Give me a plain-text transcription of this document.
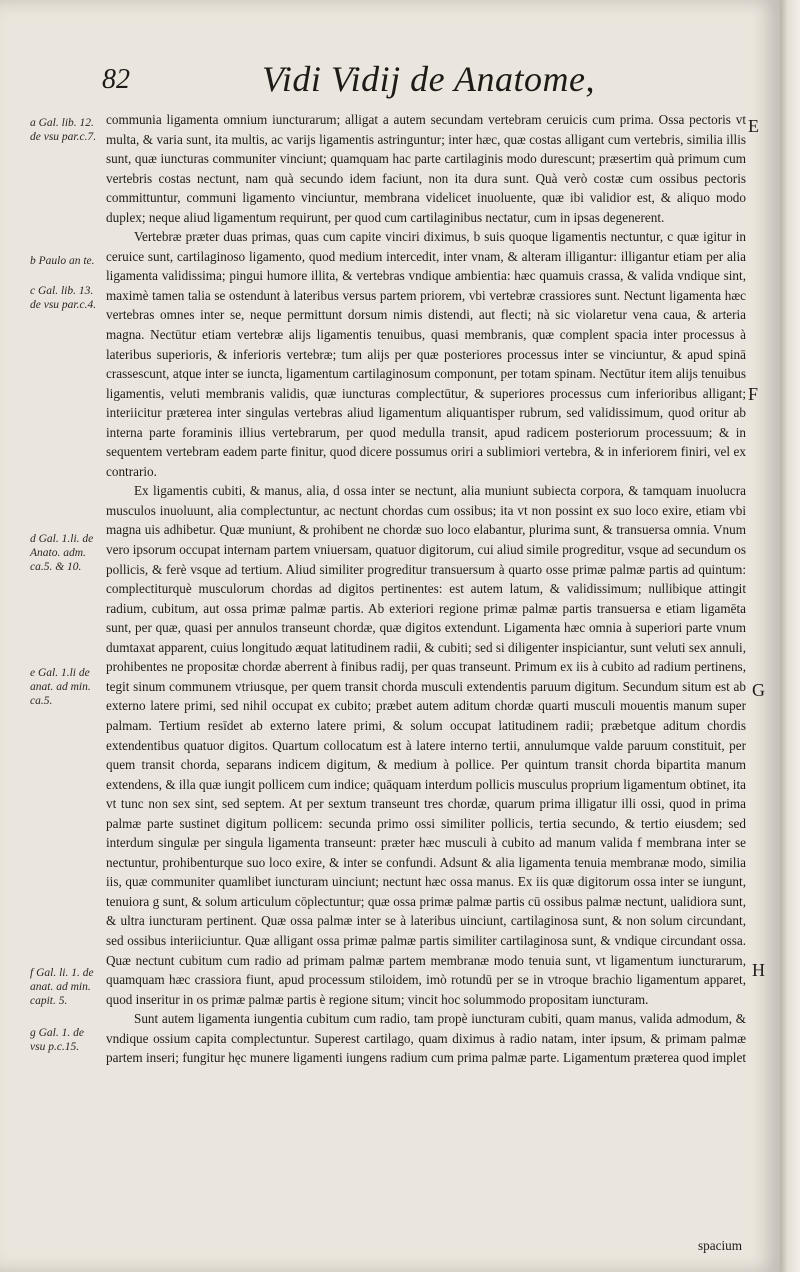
82	Vidi Vidij de Anatome,
a Gal. lib. 12. de vsu par.c.7.
b Paulo an te.
c Gal. lib. 13. de vsu par.c.4.
d Gal. 1.li. de Anato. adm. ca.5. & 10.
e Gal. 1.li de anat. ad min. ca.5.
f Gal. li. 1. de anat. ad min. capit. 5.
g Gal. 1. de vsu p.c.15.
E
F
G
H

communia ligamenta omnium iuncturarum; alligat a autem secundam vertebram ceruicis cum prima. Ossa pectoris vt multa, & varia sunt, ita multis, ac varijs ligamentis astringuntur; inter hæc, quæ costas alligant cum vertebris, similia illis sunt, quæ iuncturas communiter vinciunt; quamquam hac parte cartilaginis modo durescunt; præsertim quà primum cum vertebris costas nectunt, nam quà secundo idem faciunt, non ita dura sunt. Quà verò costæ cum ossibus pectoris committuntur, communi ligamento vinciuntur, membrana videlicet inuoluente, quæ ibi validior est, & aliquo modo duplex; neque aliud ligamentum requirunt, per quod cum cartilaginibus nectatur, cum in ipsas degenerent.

Vertebræ præter duas primas, quas cum capite vinciri diximus, b suis quoque ligamentis nectuntur, c quæ igitur in ceruice sunt, cartilaginoso ligamento, quod medium intercedit, inter vnam, & alteram illigantur: illigantur etiam per alia ligamenta validissima; pingui humore illita, & vertebras vndique ambientia: hæc quamuis crassa, & valida vndique sint, maximè tamen talia se ostendunt à lateribus versus partem priorem, vbi vertebræ crassiores sunt. Nectunt ligamenta hæc vertebras omnes inter se, neque permittunt dorsum nimis distendi, aut flecti; nà sic violaretur vena caua, & arteria magna. Nectūtur etiam vertebræ alijs ligamentis tenuibus, quasi membranis, quæ complent spacia inter processus à lateribus superioris, & inferioris vertebræ; tum alijs per quæ posteriores processus inter se vinciuntur, & apud spinā crassescunt, atque inter se iuncta, ligamentum cartilaginosum componunt, per totam spinam. Nectūtur item alijs tenuibus ligamentis, veluti membranis validis, quæ iuncturas complectūtur, & superiores processus cum inferioribus alligant; interiicitur præterea inter singulas vertebras aliud ligamentum aliquantisper rubrum, sed validissimum, quod oritur ab interna parte foraminis illius vertebrarum, per quod medulla transit, apud radicem posteriorum processuum; & in sequentem vertebram eadem parte finitur, quod dicere possumus oriri a sublimiori vertebra, & in inferiorem finiri, vel ex contrario.

Ex ligamentis cubiti, & manus, alia, d ossa inter se nectunt, alia muniunt subiecta corpora, & tamquam inuolucra musculos inuoluunt, alia complectuntur, ac nectunt chordas cum ossibus; ita vt non possint ex suo loco exire, etiam vbi magna uis adhibetur. Quæ muniunt, & prohibent ne chordæ suo loco elabantur, plurima sunt, & transuersa omnia. Vnum vero ipsorum occupat internam partem vniuersam, quatuor digitorum, cui aliud simile progreditur, vsque ad secundum os pollicis, & ferè vsque ad tertium. Aliud similiter progreditur transuersum à quarto osse primæ palmæ partis ad quintum: complectiturquè musculorum chordas ad digitos pertinentes: est autem latum, & validissimum; nullibique attingit radium, cubitum, aut ossa primæ palmæ partis. Ab exteriori regione primæ palmæ partis transuersa e etiam ligamēta sunt, per quæ, quasi per annulos transeunt chordæ, quæ digitos extendunt. Ligamenta hæc omnia à superiori parte vnum dumtaxat apparent, cuius longitudo æquat latitudinem radii, & cubiti; sed si diligenter inspiciantur, sunt veluti sex annuli, prohibentes ne propositæ chordæ aberrent à finibus radij, per quas transeunt. Primum ex iis à cubito ad radium pertinens, tegit sinum communem vtriusque, per quem transit chorda musculi extendentis paruum digitum. Secundum situm est ab externo latere primi, sed nihil occupat ex cubito; præbet autem aditum chordæ quarti musculi mouentis manum super palmam. Tertium resīdet ab externo latere primi, & solum occupat latitudinem radii; præbetque aditum chordis extendentibus quatuor digitos. Quartum collocatum est à latere interno tertii, annulumque valde paruum constituit, per quem transit chorda, separans indicem digitum, & medium à pollice. Per quintum transit chorda bipartita manum extendens, & illa quæ iungit pollicem cum indice; quāquam interdum pollicis musculus proprium ligamentum obtinet, ita vt tunc non sex sint, sed septem. At per sextum transeunt tres chordæ, quarum prima illigatur illi ossi, quod in prima palmæ parte sustinet digitum pollicem: secunda primo ossi similiter pollicis, tertia secundo, & tertio eiusdem; sed interdum singulæ per singula ligamenta transeunt: præter hæc musculi à cubito ad manum valida f membrana inter se nectuntur, prohibenturque suo loco exire, & inter se confundi. Adsunt & alia ligamenta tenuia membranæ modo, similia iis, quæ communiter quamlibet iuncturam uinciunt; nectunt hæc ossa manus. Ex iis quæ digitorum ossa inter se iungunt, tenuiora g sunt, & solum articulum cōplectuntur; quæ ossa primæ palmæ partis cū ossibus palmæ nectunt, ualidiora sunt, & ultra iuncturam pertinent. Quæ ossa palmæ inter se à lateribus uinciunt, cartilaginosa sunt, & non solum circundant, sed ossibus interiiciuntur. Quæ alligant ossa primæ palmæ partis similiter cartilaginosa sunt, & vndique circundant ossa. Quæ nectunt cubitum cum radio ad primam palmæ partem membranæ modo tenuia sunt, vt ligamentum iuncturarum, quamquam hæc crassiora fiunt, apud processum stiloidem, imò rotundū per se in vtroque brachio ligamentum apparet, quod inseritur in os primæ palmæ partis è regione situm; vincit hoc solummodo propositam iuncturam.

Sunt autem ligamenta iungentia cubitum cum radio, tam propè iuncturam cubiti, quam manus, valida admodum, & vndique ossium capita complectuntur. Superest cartilago, quam diximus à radio natam, inter ipsum, & primam palmæ partem inseri; fungitur hęc munere ligamenti iungens radium cum prima palmæ parte. Ligamentum præterea quod implet

spacium
